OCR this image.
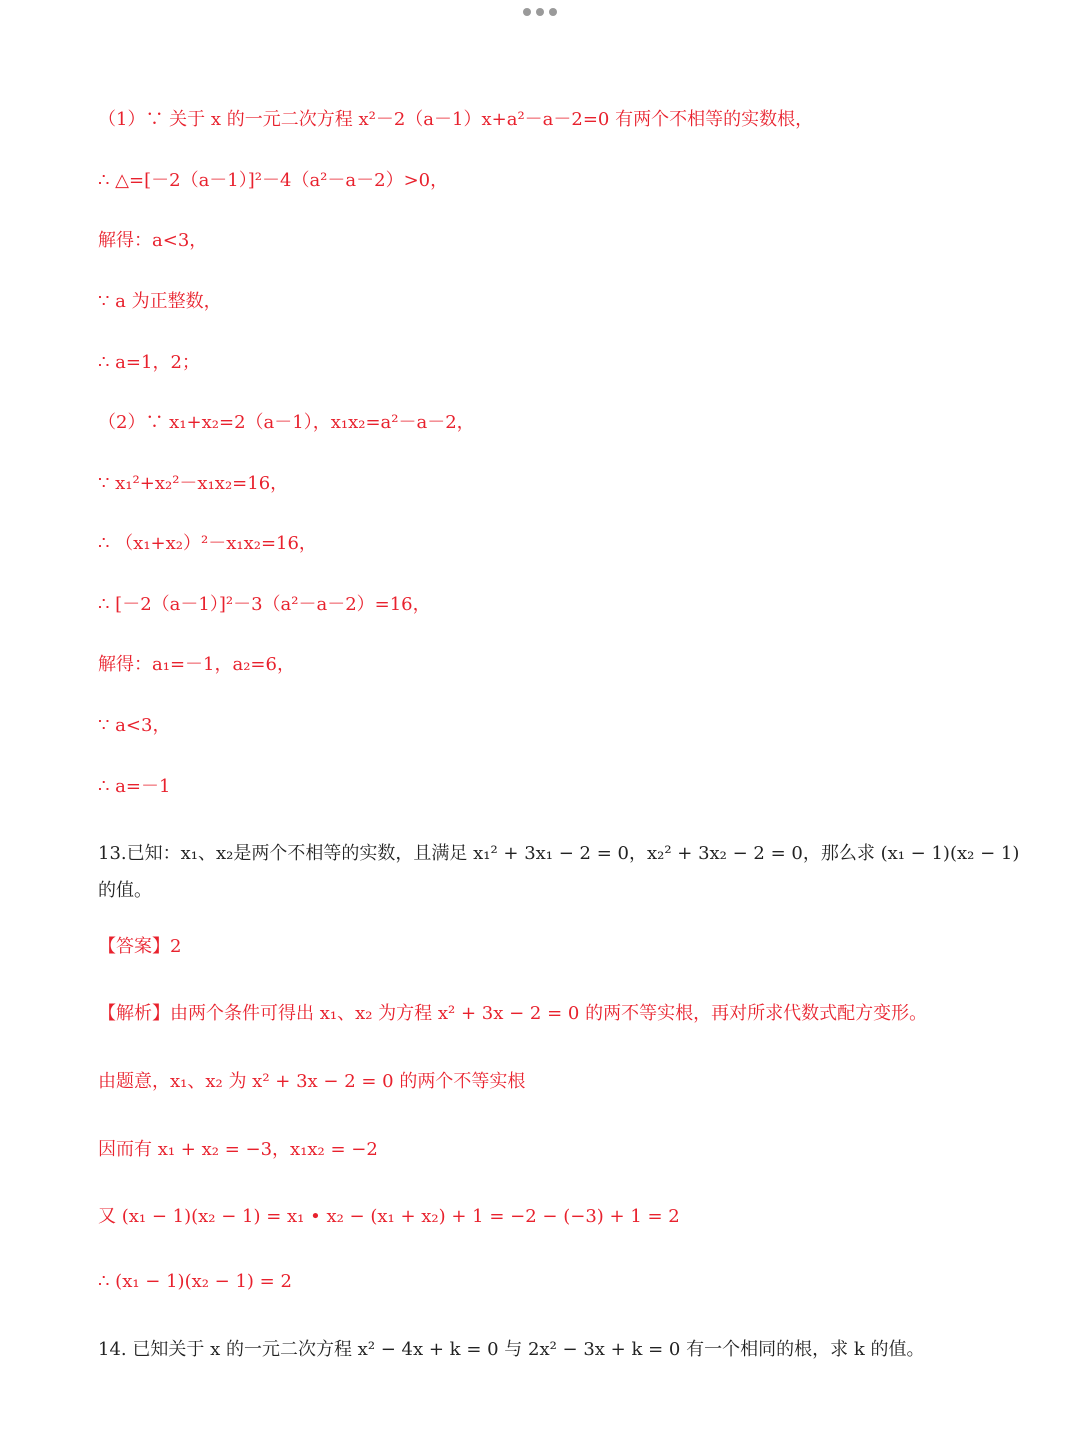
（1）∵ 关于 x 的一元二次方程 x²－2（a－1）x+a²－a－2=0 有两个不相等的实数根，
∴ △=[－2（a－1）]²－4（a²－a－2）>0，
解得：a<3，
∵ a 为正整数，
∴ a=1，2；
（2）∵ x₁+x₂=2（a－1），x₁x₂=a²－a－2，
∵ x₁²+x₂²－x₁x₂=16，
∴ （x₁+x₂）²－x₁x₂=16，
∴ [－2（a－1）]²－3（a²－a－2）=16，
解得：a₁=－1，a₂=6，
∵ a<3，
∴ a=－1
13.已知：x₁、x₂是两个不相等的实数，且满足 x₁² + 3x₁ − 2 = 0，x₂² + 3x₂ − 2 = 0，那么求 (x₁ − 1)(x₂ − 1)
的值。
【答案】2
【解析】由两个条件可得出 x₁、x₂ 为方程 x² + 3x − 2 = 0 的两不等实根，再对所求代数式配方变形。
由题意，x₁、x₂ 为 x² + 3x − 2 = 0 的两个不等实根
因而有 x₁ + x₂ = −3，x₁x₂ = −2
又 (x₁ − 1)(x₂ − 1) = x₁ • x₂ − (x₁ + x₂) + 1 = −2 − (−3) + 1 = 2
∴ (x₁ − 1)(x₂ − 1) = 2
14. 已知关于 x 的一元二次方程 x² − 4x + k = 0 与 2x² − 3x + k = 0 有一个相同的根，求 k 的值。
